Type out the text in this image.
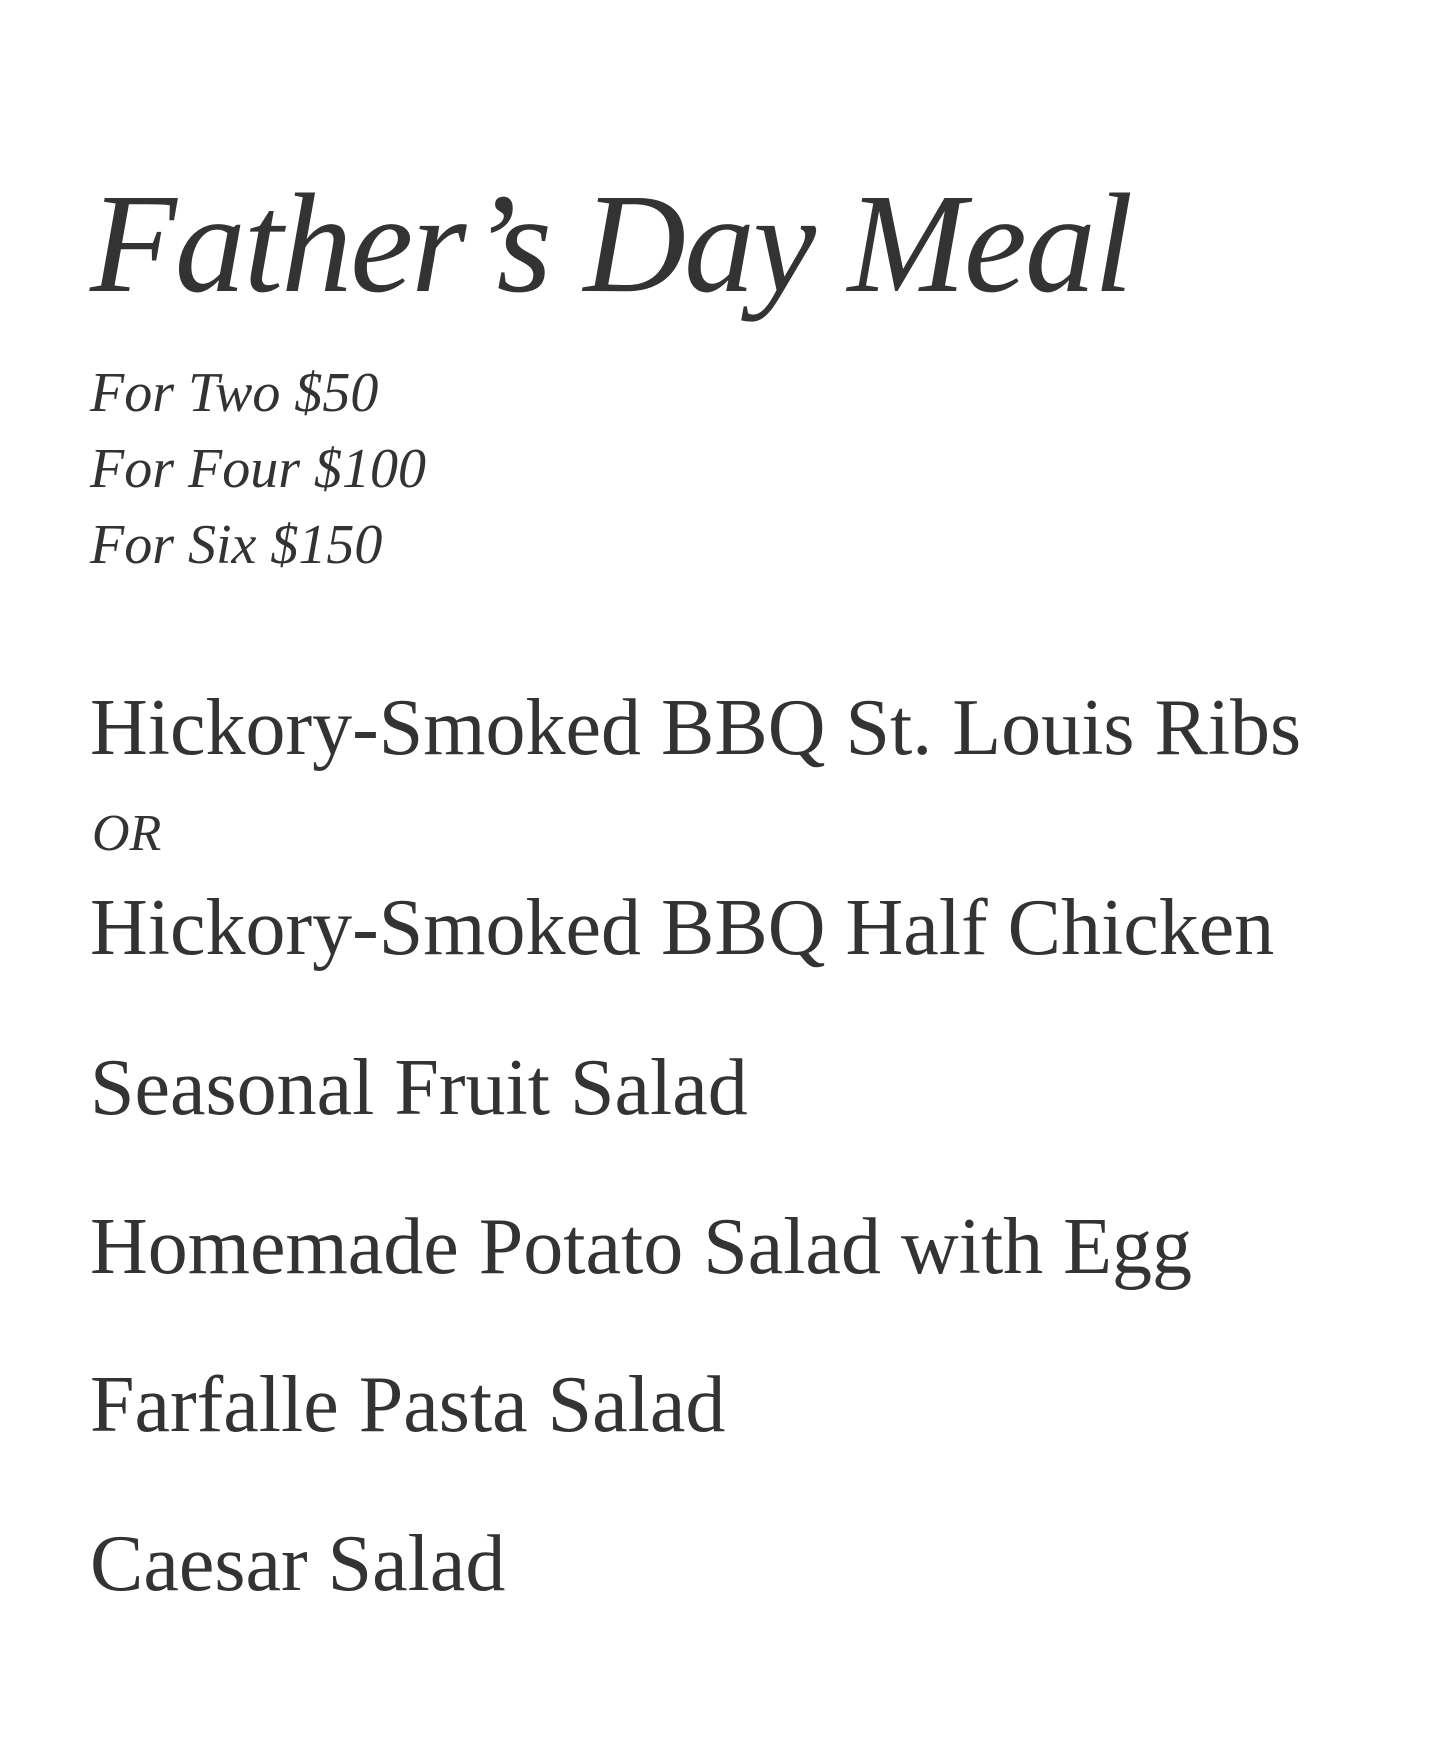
Father’s Day Meal
For Two $50
For Four $100
For Six $150

Hickory-Smoked BBQ St. Louis Ribs

OR

Hickory-Smoked BBQ Half Chicken

Seasonal Fruit Salad

Homemade Potato Salad with Egg

Farfalle Pasta Salad

Caesar Salad
